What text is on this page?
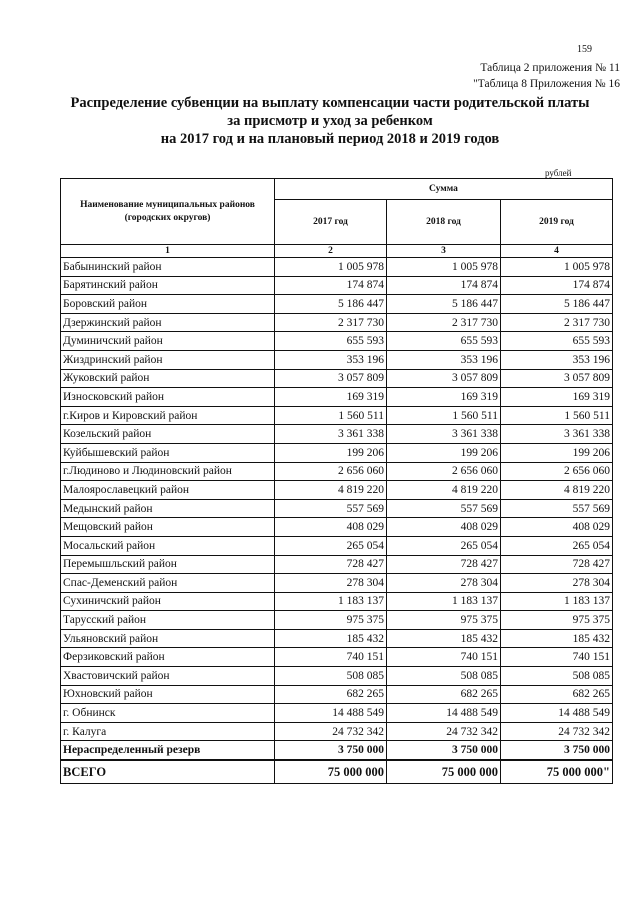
159
Таблица 2 приложения № 11
"Таблица 8 Приложения № 16
Распределение субвенции на выплату компенсации части родительской платы
за присмотр и уход за ребенком
на 2017 год и на плановый период 2018 и 2019 годов
рублей
Наименование муниципальных районов (городских округов)	Сумма		
	2017 год	2018 год	2019 год
1	2	3	4
Бабынинский район	1 005 978	1 005 978	1 005 978
Барятинский район	174 874	174 874	174 874
Боровский район	5 186 447	5 186 447	5 186 447
Дзержинский район	2 317 730	2 317 730	2 317 730
Думиничский район	655 593	655 593	655 593
Жиздринский район	353 196	353 196	353 196
Жуковский район	3 057 809	3 057 809	3 057 809
Износковский район	169 319	169 319	169 319
г.Киров и Кировский район	1 560 511	1 560 511	1 560 511
Козельский район	3 361 338	3 361 338	3 361 338
Куйбышевский район	199 206	199 206	199 206
г.Людиново и Людиновский район	2 656 060	2 656 060	2 656 060
Малоярославецкий район	4 819 220	4 819 220	4 819 220
Медынский район	557 569	557 569	557 569
Мещовский район	408 029	408 029	408 029
Мосальский район	265 054	265 054	265 054
Перемышльский район	728 427	728 427	728 427
Спас-Деменский район	278 304	278 304	278 304
Сухиничский район	1 183 137	1 183 137	1 183 137
Тарусский район	975 375	975 375	975 375
Ульяновский район	185 432	185 432	185 432
Ферзиковский район	740 151	740 151	740 151
Хвастовичский район	508 085	508 085	508 085
Юхновский район	682 265	682 265	682 265
г. Обнинск	14 488 549	14 488 549	14 488 549
г. Калуга	24 732 342	24 732 342	24 732 342
Нераспределенный резерв	3 750 000	3 750 000	3 750 000
ВСЕГО	75 000 000	75 000 000	75 000 000"
